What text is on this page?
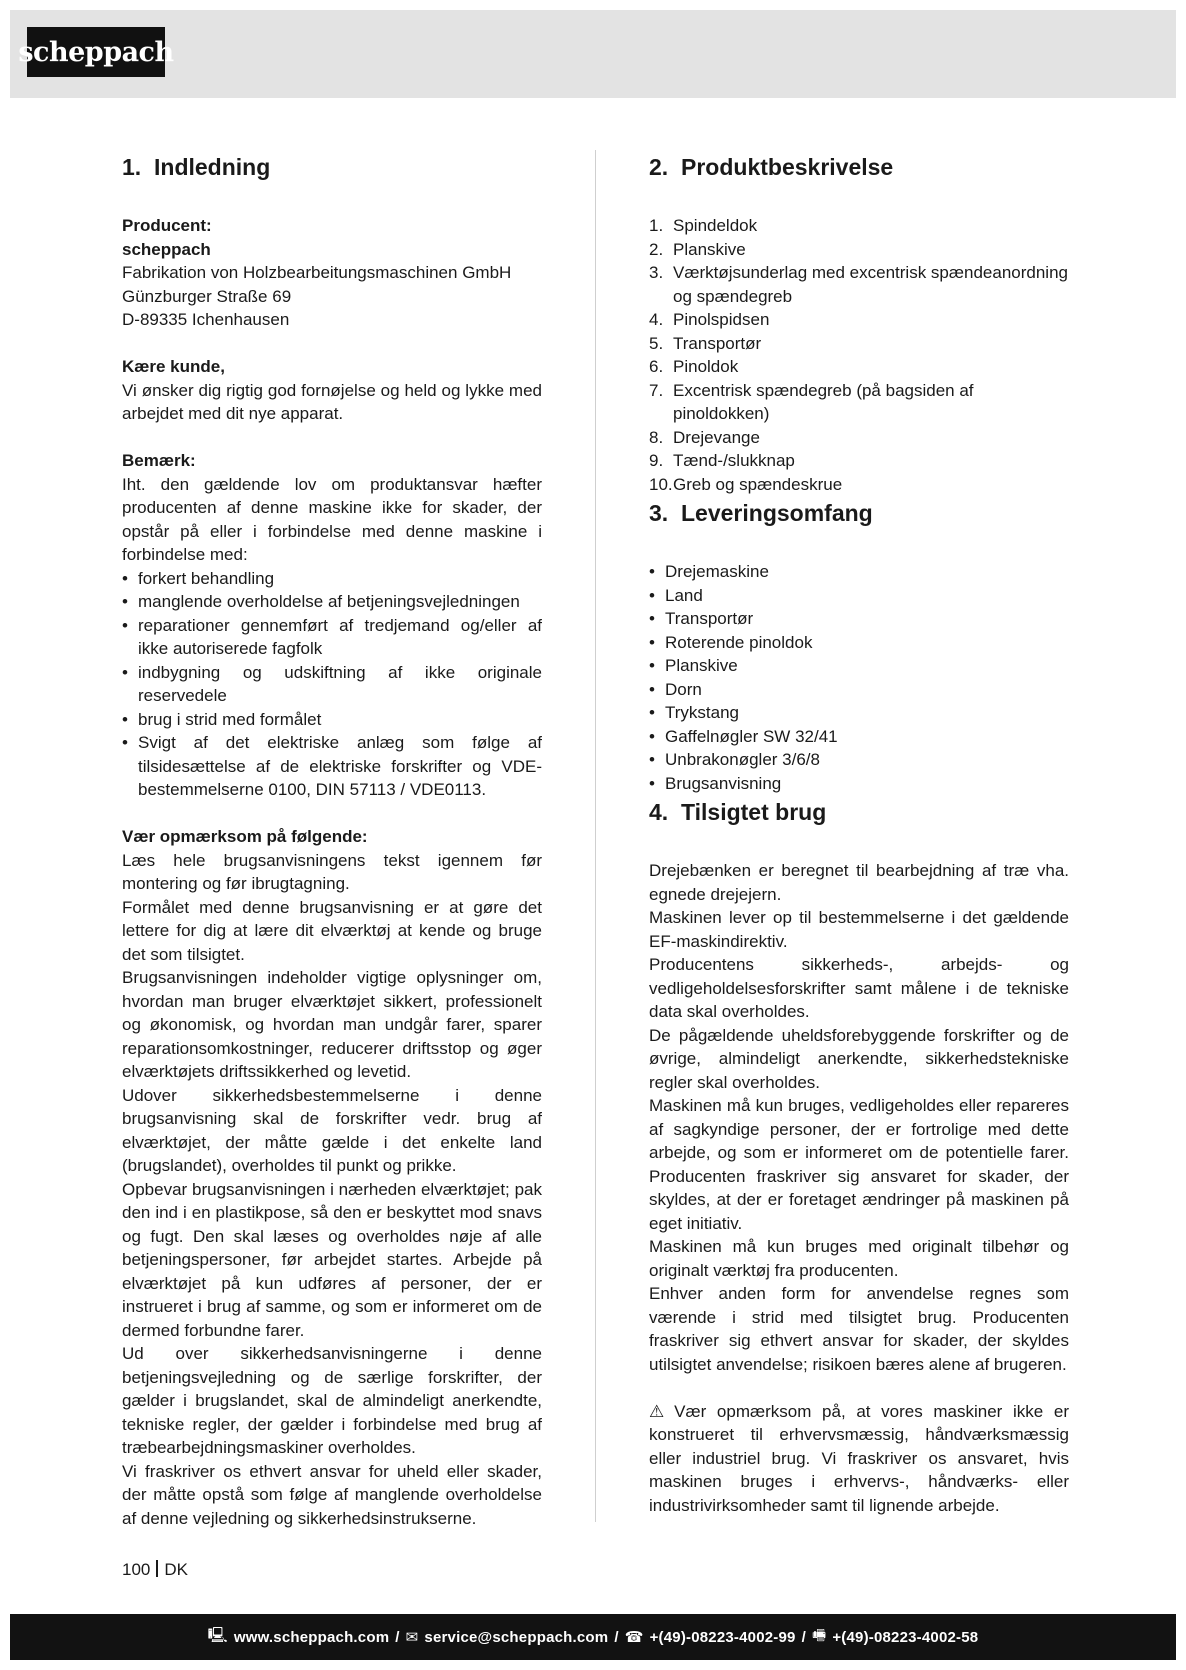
scheppach
1. Indledning

Producent:

scheppach

Fabrikation von Holzbearbeitungsmaschinen GmbH

Günzburger Straße 69

D-89335 Ichenhausen

Kære kunde,

Vi ønsker dig rigtig god fornøjelse og held og lykke med arbejdet med dit nye apparat.

Bemærk:

Iht. den gældende lov om produktansvar hæfter producenten af denne maskine ikke for skader, der opstår på eller i forbindelse med denne maskine i forbindelse med:

• forkert behandling
• manglende overholdelse af betjeningsvejledningen
• reparationer gennemført af tredjemand og/eller af ikke autoriserede fagfolk
• indbygning og udskiftning af ikke originale reservedele
• brug i strid med formålet
• Svigt af det elektriske anlæg som følge af tilsidesættelse af de elektriske forskrifter og VDE-bestemmelserne 0100, DIN 57113 / VDE0113.

Vær opmærksom på følgende:

Læs hele brugsanvisningens tekst igennem før montering og før ibrugtagning.

Formålet med denne brugsanvisning er at gøre det lettere for dig at lære dit elværktøj at kende og bruge det som tilsigtet.

Brugsanvisningen indeholder vigtige oplysninger om, hvordan man bruger elværktøjet sikkert, professionelt og økonomisk, og hvordan man undgår farer, sparer reparationsomkostninger, reducerer driftsstop og øger elværktøjets driftssikkerhed og levetid.

Udover sikkerhedsbestemmelserne i denne brugsanvisning skal de forskrifter vedr. brug af elværktøjet, der måtte gælde i det enkelte land (brugslandet), overholdes til punkt og prikke.

Opbevar brugsanvisningen i nærheden elværktøjet; pak den ind i en plastikpose, så den er beskyttet mod snavs og fugt. Den skal læses og overholdes nøje af alle betjeningspersoner, før arbejdet startes. Arbejde på elværktøjet på kun udføres af personer, der er instrueret i brug af samme, og som er informeret om de dermed forbundne farer.

Ud over sikkerhedsanvisningerne i denne betjeningsvejledning og de særlige forskrifter, der gælder i brugslandet, skal de almindeligt anerkendte, tekniske regler, der gælder i forbindelse med brug af træbearbejdningsmaskiner overholdes.

Vi fraskriver os ethvert ansvar for uheld eller skader, der måtte opstå som følge af manglende overholdelse af denne vejledning og sikkerhedsinstrukserne.

2. Produktbeskrivelse
1. Spindeldok
2. Planskive
3. Værktøjsunderlag med excentrisk spændeanordning og spændegreb
4. Pinolspidsen
5. Transportør
6. Pinoldok
7. Excentrisk spændegreb (på bagsiden af pinoldokken)
8. Drejevange
9. Tænd-/slukknap
10. Greb og spændeskrue
3. Leveringsomfang
• Drejemaskine
• Land
• Transportør
• Roterende pinoldok
• Planskive
• Dorn
• Trykstang
• Gaffelnøgler SW 32/41
• Unbrakonøgler 3/6/8
• Brugsanvisning
4. Tilsigtet brug

Drejebænken er beregnet til bearbejdning af træ vha. egnede drejejern.

Maskinen lever op til bestemmelserne i det gældende EF-maskindirektiv.

Producentens sikkerheds-, arbejds- og vedligeholdelsesforskrifter samt målene i de tekniske data skal overholdes.

De pågældende uheldsforebyggende forskrifter og de øvrige, almindeligt anerkendte, sikkerhedstekniske regler skal overholdes.

Maskinen må kun bruges, vedligeholdes eller repareres af sagkyndige personer, der er fortrolige med dette arbejde, og som er informeret om de potentielle farer. Producenten fraskriver sig ansvaret for skader, der skyldes, at der er foretaget ændringer på maskinen på eget initiativ.

Maskinen må kun bruges med originalt tilbehør og originalt værktøj fra producenten.

Enhver anden form for anvendelse regnes som værende i strid med tilsigtet brug. Producenten fraskriver sig ethvert ansvar for skader, der skyldes utilsigtet anvendelse; risikoen bæres alene af brugeren.

⚠ Vær opmærksom på, at vores maskiner ikke er konstrueret til erhvervsmæssig, håndværksmæssig eller industriel brug. Vi fraskriver os ansvaret, hvis maskinen bruges i erhvervs-, håndværks- eller industrivirksomheder samt til lignende arbejde.

100 DK
🖳 www.scheppach.com / ✉ service@scheppach.com / ☎ +(49)-08223-4002-99 / 🖷 +(49)-08223-4002-58
